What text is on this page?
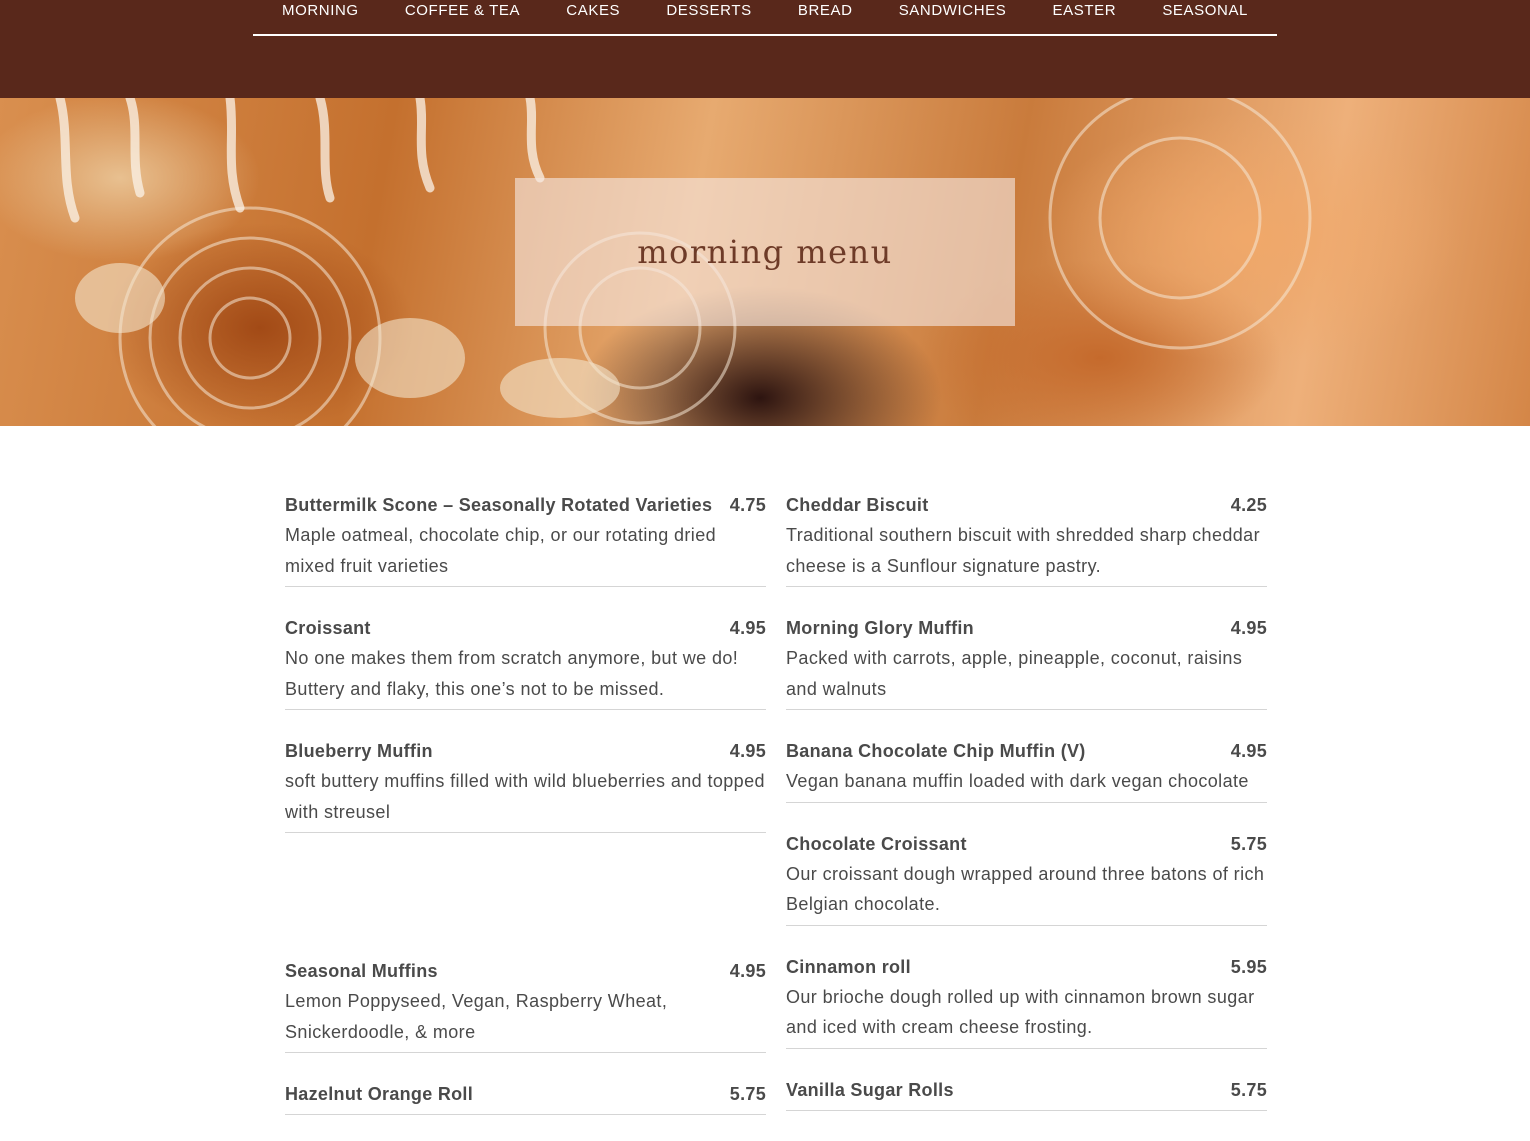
MORNING	COFFEE & TEA	CAKES	DESSERTS	BREAD	SANDWICHES	EASTER	SEASONAL
morning menu
Buttermilk Scone – Seasonally Rotated Varieties 4.75
Maple oatmeal, chocolate chip, or our rotating dried mixed fruit varieties
Croissant	4.95
No one makes them from scratch anymore, but we do! Buttery and flaky, this one’s not to be missed.
Blueberry Muffin	4.95
soft buttery muffins filled with wild blueberries and topped with streusel
Seasonal Muffins	4.95
Lemon Poppyseed, Vegan, Raspberry Wheat, Snickerdoodle, & more
Hazelnut Orange Roll	5.75
Cheddar Biscuit	4.25
Traditional southern biscuit with shredded sharp cheddar cheese is a Sunflour signature pastry.
Morning Glory Muffin	4.95
Packed with carrots, apple, pineapple, coconut, raisins and walnuts
Banana Chocolate Chip Muffin (V)	4.95
Vegan banana muffin loaded with dark vegan chocolate
Chocolate Croissant	5.75
Our croissant dough wrapped around three batons of rich Belgian chocolate.
Cinnamon roll	5.95
Our brioche dough rolled up with cinnamon brown sugar and iced with cream cheese frosting.
Vanilla Sugar Rolls	5.75
